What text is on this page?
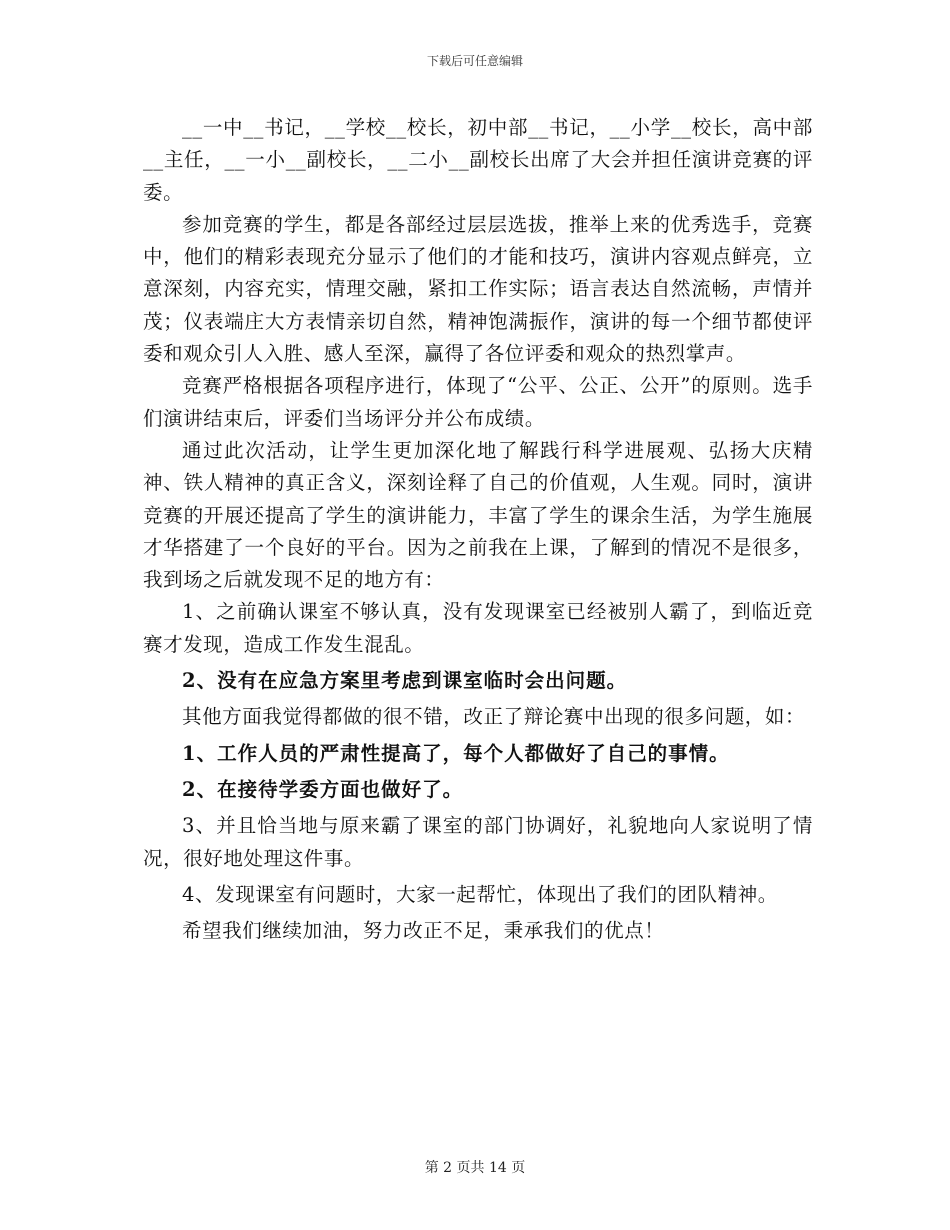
下载后可任意编辑

__一中__书记，__学校__校长，初中部__书记，__小学__校长，高中部__主任，__一小__副校长，__二小__副校长出席了大会并担任演讲竞赛的评委。

参加竞赛的学生，都是各部经过层层选拔，推举上来的优秀选手，竞赛中，他们的精彩表现充分显示了他们的才能和技巧，演讲内容观点鲜亮，立意深刻，内容充实，情理交融，紧扣工作实际；语言表达自然流畅，声情并茂；仪表端庄大方表情亲切自然，精神饱满振作，演讲的每一个细节都使评委和观众引人入胜、感人至深，赢得了各位评委和观众的热烈掌声。

竞赛严格根据各项程序进行，体现了“公平、公正、公开”的原则。选手们演讲结束后，评委们当场评分并公布成绩。

通过此次活动，让学生更加深化地了解践行科学进展观、弘扬大庆精神、铁人精神的真正含义，深刻诠释了自己的价值观，人生观。同时，演讲竞赛的开展还提高了学生的演讲能力，丰富了学生的课余生活，为学生施展才华搭建了一个良好的平台。因为之前我在上课，了解到的情况不是很多，我到场之后就发现不足的地方有：

1、之前确认课室不够认真，没有发现课室已经被别人霸了，到临近竞赛才发现，造成工作发生混乱。

2、没有在应急方案里考虑到课室临时会出问题。

其他方面我觉得都做的很不错，改正了辩论赛中出现的很多问题，如：

1、工作人员的严肃性提高了，每个人都做好了自己的事情。

2、在接待学委方面也做好了。

3、并且恰当地与原来霸了课室的部门协调好，礼貌地向人家说明了情况，很好地处理这件事。

4、发现课室有问题时，大家一起帮忙，体现出了我们的团队精神。

希望我们继续加油，努力改正不足，秉承我们的优点！

第 2 页共 14 页
